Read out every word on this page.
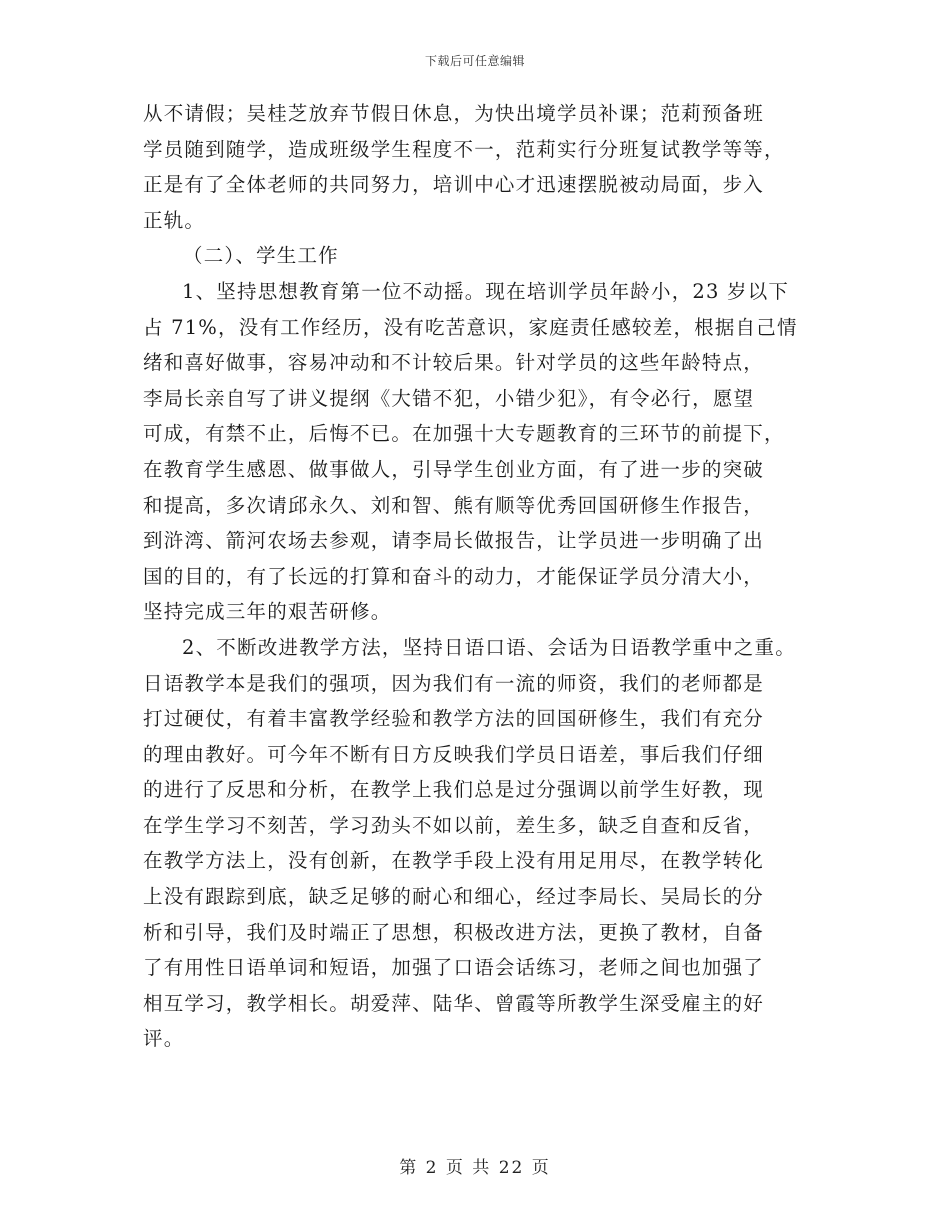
下载后可任意编辑
从不请假；吴桂芝放弃节假日休息，为快出境学员补课；范莉预备班
学员随到随学，造成班级学生程度不一，范莉实行分班复试教学等等，
正是有了全体老师的共同努力，培训中心才迅速摆脱被动局面，步入
正轨。
（二）、学生工作
1、坚持思想教育第一位不动摇。现在培训学员年龄小，23 岁以下
占 71%，没有工作经历，没有吃苦意识，家庭责任感较差，根据自己情
绪和喜好做事，容易冲动和不计较后果。针对学员的这些年龄特点，
李局长亲自写了讲义提纲《大错不犯，小错少犯》，有令必行，愿望
可成，有禁不止，后悔不已。在加强十大专题教育的三环节的前提下，
在教育学生感恩、做事做人，引导学生创业方面，有了进一步的突破
和提高，多次请邱永久、刘和智、熊有顺等优秀回国研修生作报告，
到浒湾、箭河农场去参观，请李局长做报告，让学员进一步明确了出
国的目的，有了长远的打算和奋斗的动力，才能保证学员分清大小，
坚持完成三年的艰苦研修。
2、不断改进教学方法，坚持日语口语、会话为日语教学重中之重。
日语教学本是我们的强项，因为我们有一流的师资，我们的老师都是
打过硬仗，有着丰富教学经验和教学方法的回国研修生，我们有充分
的理由教好。可今年不断有日方反映我们学员日语差，事后我们仔细
的进行了反思和分析，在教学上我们总是过分强调以前学生好教，现
在学生学习不刻苦，学习劲头不如以前，差生多，缺乏自查和反省，
在教学方法上，没有创新，在教学手段上没有用足用尽，在教学转化
上没有跟踪到底，缺乏足够的耐心和细心，经过李局长、吴局长的分
析和引导，我们及时端正了思想，积极改进方法，更换了教材，自备
了有用性日语单词和短语，加强了口语会话练习，老师之间也加强了
相互学习，教学相长。胡爱萍、陆华、曾霞等所教学生深受雇主的好
评。
第 2 页 共 22 页
